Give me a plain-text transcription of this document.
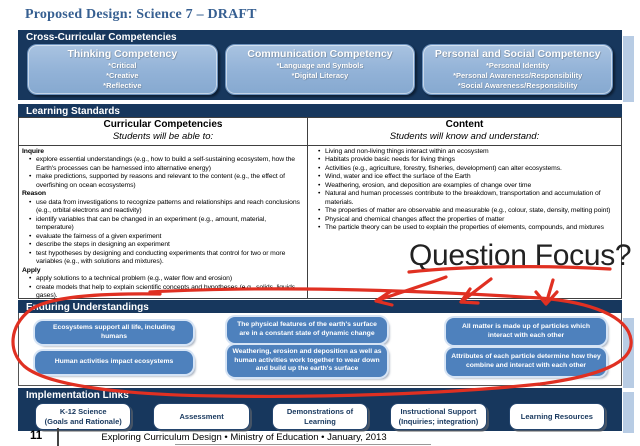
Proposed Design: Science 7 – DRAFT
Cross-Curricular Competencies
Thinking Competency
*Critical
*Creative
*Reflective
Communication Competency
*Language and Symbols
*Digital Literacy
Personal and Social Competency
*Personal Identity
*Personal Awareness/Responsibility
*Social Awareness/Responsibility
Learning Standards
Curricular Competencies
Students will be able to:
Inquire
• explore essential understandings (e.g., how to build a self-sustaining ecosystem, how the Earth's processes can be harnessed into alternative energy)
• make predictions, supported by reasons and relevant to the content (e.g., the effect of overfishing on ocean ecosystems)
Reason
• use data from investigations to recognize patterns and relationships and reach conclusions (e.g., orbital electrons and reactivity)
• identify variables that can be changed in an experiment (e.g., amount, material, temperature)
• evaluate the fairness of a given experiment
• describe the steps in designing an experiment
• test hypotheses by designing and conducting experiments that control for two or more variables (e.g., with solutions and mixtures).
Apply
• apply solutions to a technical problem (e.g., water flow and erosion)
• create models that help to explain scientific concepts and hypotheses (e.g., solids, liquids, gases).
Content
Students will know and understand:
• Living and non-living things interact within an ecosystem
• Habitats provide basic needs for living things
• Activities (e.g., agriculture, forestry, fisheries, development) can alter ecosystems.
• Wind, water and ice effect the surface of the Earth
• Weathering, erosion, and deposition are examples of change over time
• Natural and human processes contribute to the breakdown, transportation and accumulation of materials.
• The properties of matter are observable and measurable (e.g., colour, state, density, melting point)
• Physical and chemical changes affect the properties of matter
• The particle theory can be used to explain the properties of elements, compounds, and mixtures
Question Focus?
Enduring Understandings
Ecosystems support all life, including humans
Human activities impact ecosystems
The physical features of the earth's surface are in a constant state of dynamic change
Weathering, erosion and deposition as well as human activities work together to wear down and build up the earth's surface
All matter is made up of particles which interact with each other
Attributes of each particle determine how they combine and interact with each other
Implementation Links
K-12 Science
(Goals and Rationale)
Assessment
Demonstrations of
Learning
Instructional Support
(Inquiries; integration)
Learning Resources
11	Exploring Curriculum Design • Ministry of Education • January, 2013
